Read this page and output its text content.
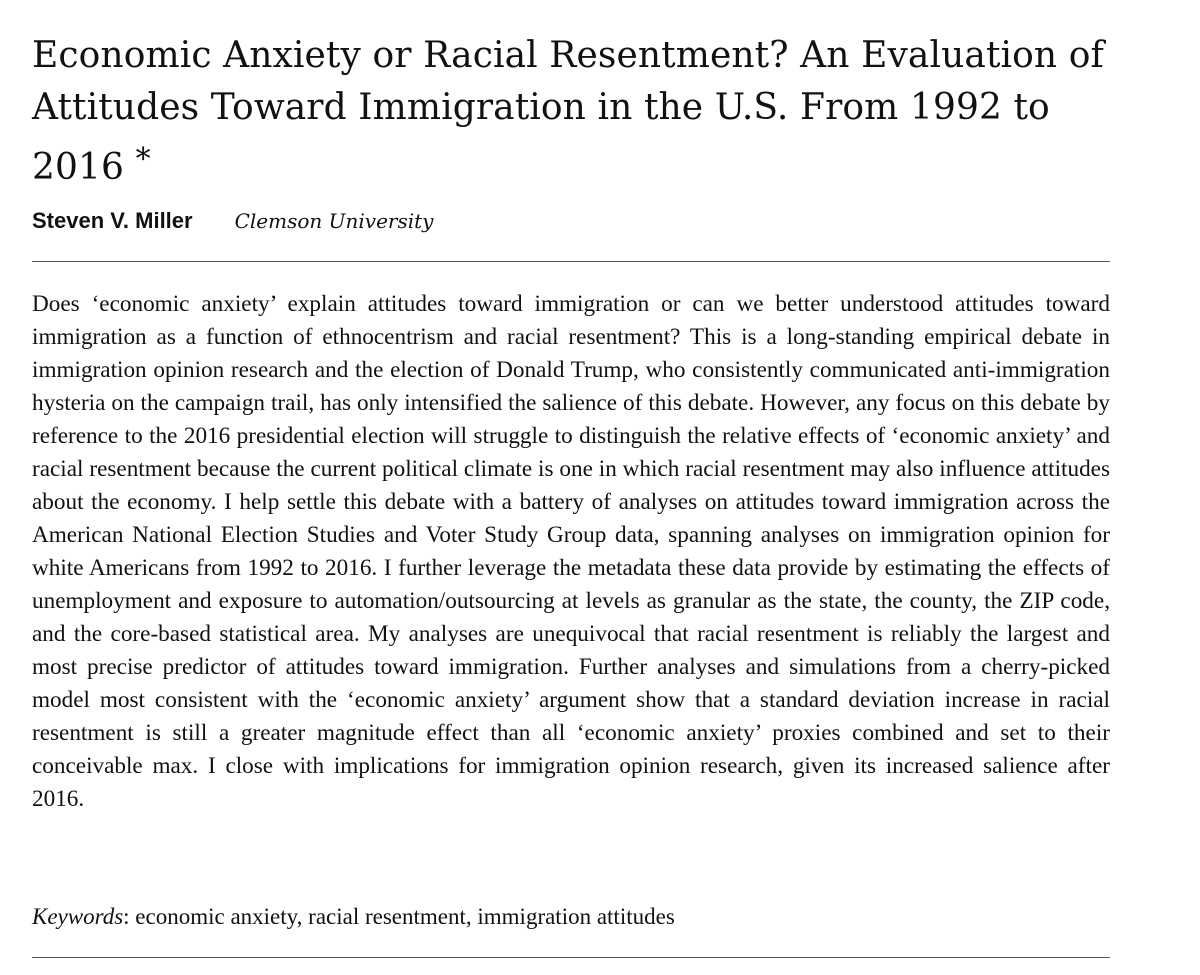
Economic Anxiety or Racial Resentment? An Evaluation of Attitudes Toward Immigration in the U.S. From 1992 to 2016 *
Steven V. Miller Clemson University

Does ‘economic anxiety’ explain attitudes toward immigration or can we better understood attitudes toward immigration as a function of ethnocentrism and racial resentment? This is a long-standing empirical debate in immigration opinion research and the election of Donald Trump, who consistently communicated anti-immigration hysteria on the campaign trail, has only intensified the salience of this debate. However, any focus on this debate by reference to the 2016 presidential election will struggle to distinguish the relative effects of ‘economic anxiety’ and racial resentment because the current political climate is one in which racial resentment may also influence attitudes about the economy. I help settle this debate with a battery of analyses on attitudes toward immigration across the American National Election Studies and Voter Study Group data, spanning analyses on immigration opinion for white Americans from 1992 to 2016. I further leverage the metadata these data provide by estimating the effects of unemployment and exposure to automation/outsourcing at levels as granular as the state, the county, the ZIP code, and the core-based statistical area. My analyses are unequivocal that racial resentment is reliably the largest and most precise predictor of attitudes toward immigration. Further analyses and simulations from a cherry-picked model most consistent with the ‘economic anxiety’ argument show that a standard deviation increase in racial resentment is still a greater magnitude effect than all ‘economic anxiety’ proxies combined and set to their conceivable max. I close with implications for immigration opinion research, given its increased salience after 2016.

Keywords: economic anxiety, racial resentment, immigration attitudes
